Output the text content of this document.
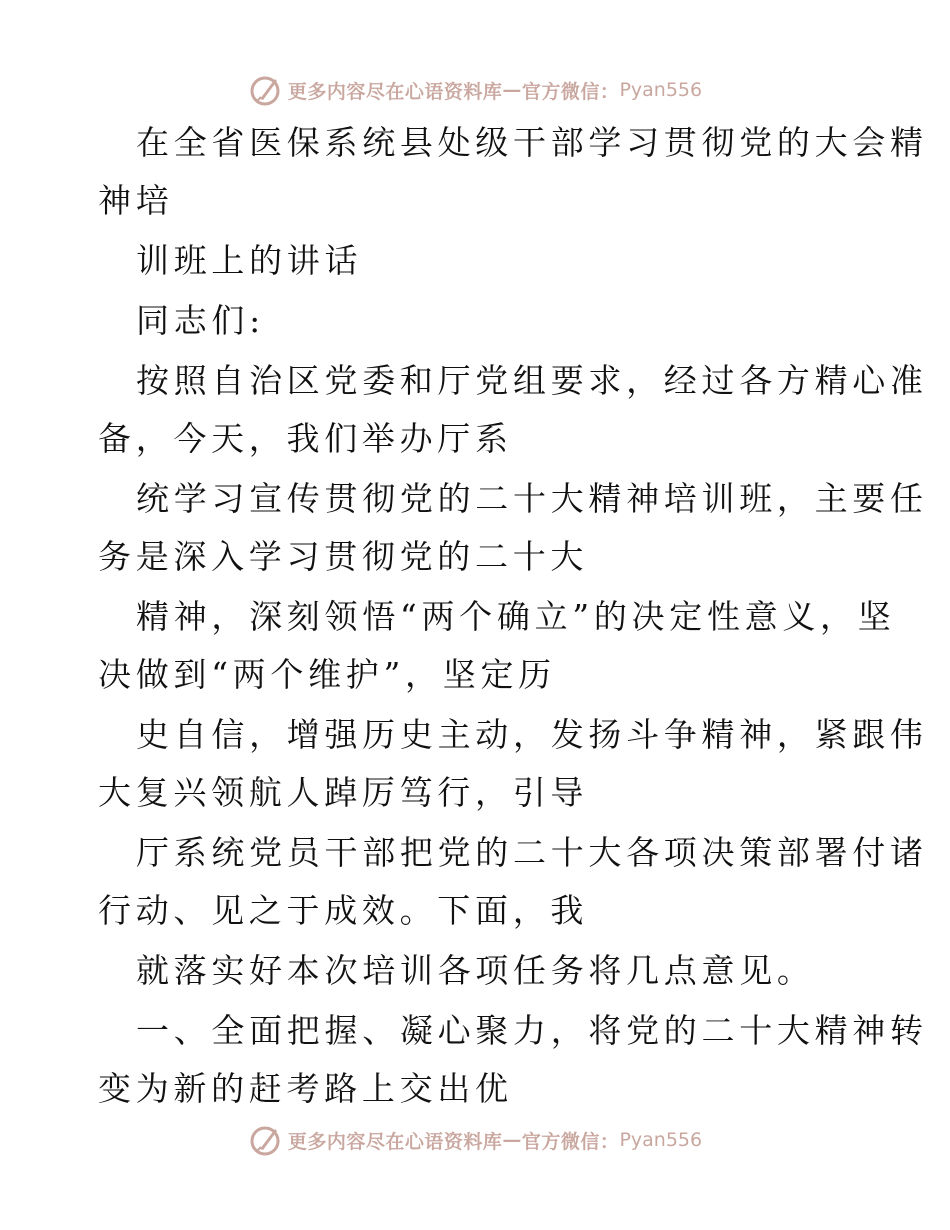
更多内容尽在心语资料库 — 官方微信： Pyan556
在全省医保系统县处级干部学习贯彻党的大会精
神培
训班上的讲话
同志们:
按照自治区党委和厅党组要求，经过各方精心准
备，今天，我们举办厅系
统学习宣传贯彻党的二十大精神培训班，主要任
务是深入学习贯彻党的二十大
精神，深刻领悟“两个确立”的决定性意义，坚
决做到“两个维护”，坚定历
史自信，增强历史主动，发扬斗争精神，紧跟伟
大复兴领航人踔厉笃行，引导
厅系统党员干部把党的二十大各项决策部署付诸
行动、见之于成效。下面，我
就落实好本次培训各项任务将几点意见。
一、全面把握、凝心聚力，将党的二十大精神转
变为新的赶考路上交出优
更多内容尽在心语资料库 — 官方微信： Pyan556
